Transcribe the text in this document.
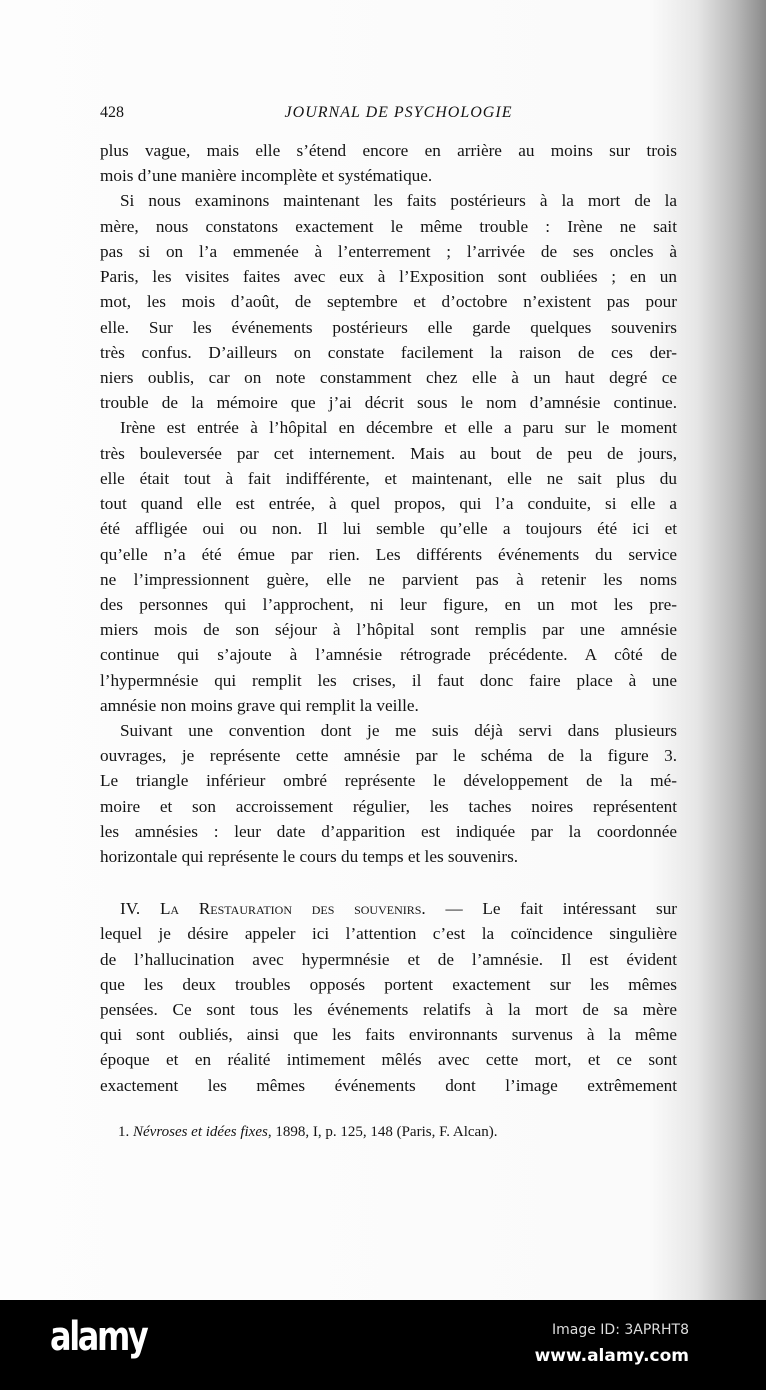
428	JOURNAL DE PSYCHOLOGIE
plus vague, mais elle s’étend encore en arrière au moins sur trois
mois d’une manière incomplète et systématique.
Si nous examinons maintenant les faits postérieurs à la mort de la
mère, nous constatons exactement le même trouble : Irène ne sait
pas si on l’a emmenée à l’enterrement ; l’arrivée de ses oncles à
Paris, les visites faites avec eux à l’Exposition sont oubliées ; en un
mot, les mois d’août, de septembre et d’octobre n’existent pas pour
elle. Sur les événements postérieurs elle garde quelques souvenirs
très confus. D’ailleurs on constate facilement la raison de ces der-
niers oublis, car on note constamment chez elle à un haut degré ce
trouble de la mémoire que j’ai décrit sous le nom d’amnésie continue.
Irène est entrée à l’hôpital en décembre et elle a paru sur le moment
très bouleversée par cet internement. Mais au bout de peu de jours,
elle était tout à fait indifférente, et maintenant, elle ne sait plus du
tout quand elle est entrée, à quel propos, qui l’a conduite, si elle a
été affligée oui ou non. Il lui semble qu’elle a toujours été ici et
qu’elle n’a été émue par rien. Les différents événements du service
ne l’impressionnent guère, elle ne parvient pas à retenir les noms
des personnes qui l’approchent, ni leur figure, en un mot les pre-
miers mois de son séjour à l’hôpital sont remplis par une amnésie
continue qui s’ajoute à l’amnésie rétrograde précédente. A côté de
l’hypermnésie qui remplit les crises, il faut donc faire place à une
amnésie non moins grave qui remplit la veille.
Suivant une convention dont je me suis déjà servi dans plusieurs
ouvrages, je représente cette amnésie par le schéma de la figure 3.
Le triangle inférieur ombré représente le développement de la mé-
moire et son accroissement régulier, les taches noires représentent
les amnésies : leur date d’apparition est indiquée par la coordonnée
horizontale qui représente le cours du temps et les souvenirs.
IV. La Restauration des souvenirs. — Le fait intéressant sur
lequel je désire appeler ici l’attention c’est la coïncidence singulière
de l’hallucination avec hypermnésie et de l’amnésie. Il est évident
que les deux troubles opposés portent exactement sur les mêmes
pensées. Ce sont tous les événements relatifs à la mort de sa mère
qui sont oubliés, ainsi que les faits environnants survenus à la même
époque et en réalité intimement mêlés avec cette mort, et ce sont
exactement les mêmes événements dont l’image extrêmement
1. Névroses et idées fixes, 1898, I, p. 125, 148 (Paris, F. Alcan).
alamy	Image ID: 3APRHT8
www.alamy.com
